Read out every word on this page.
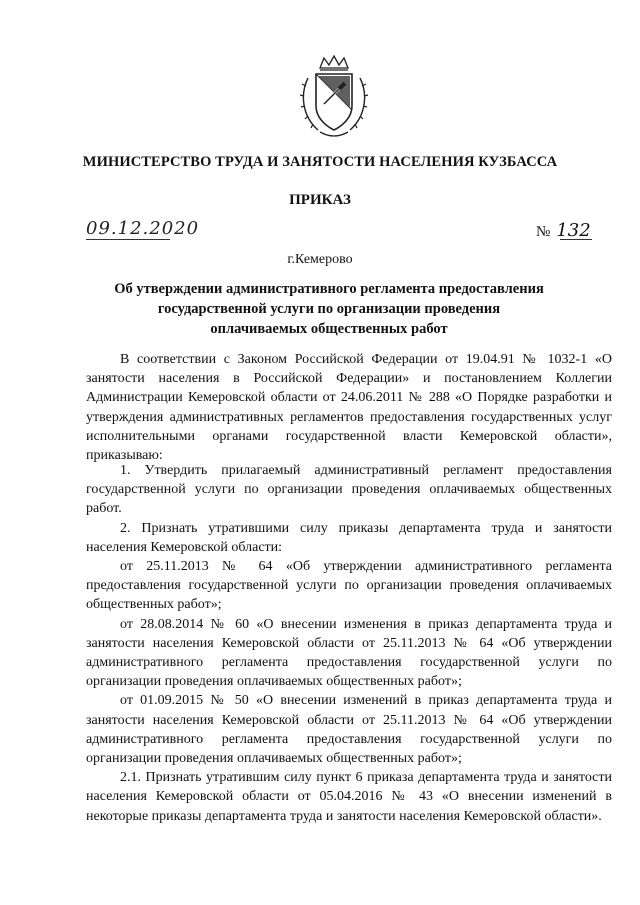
МИНИСТЕРСТВО ТРУДА И ЗАНЯТОСТИ НАСЕЛЕНИЯ КУЗБАССА
ПРИКАЗ
09.12.2020	№ 132
г.Кемерово
Об утверждении административного регламента предоставления государственной услуги по организации проведения оплачиваемых общественных работ

В соответствии с Законом Российской Федерации от 19.04.91 № 1032-1 «О занятости населения в Российской Федерации» и постановлением Коллегии Администрации Кемеровской области от 24.06.2011 № 288 «О Порядке разработки и утверждения административных регламентов предоставления государственных услуг исполнительными органами государственной власти Кемеровской области», приказываю:

1. Утвердить прилагаемый административный регламент предоставления государственной услуги по организации проведения оплачиваемых общественных работ.

2. Признать утратившими силу приказы департамента труда и занятости населения Кемеровской области:

от 25.11.2013 № 64 «Об утверждении административного регламента предоставления государственной услуги по организации проведения оплачиваемых общественных работ»;

от 28.08.2014 № 60 «О внесении изменения в приказ департамента труда и занятости населения Кемеровской области от 25.11.2013 № 64 «Об утверждении административного регламента предоставления государственной услуги по организации проведения оплачиваемых общественных работ»;

от 01.09.2015 № 50 «О внесении изменений в приказ департамента труда и занятости населения Кемеровской области от 25.11.2013 № 64 «Об утверждении административного регламента предоставления государственной услуги по организации проведения оплачиваемых общественных работ»;

2.1. Признать утратившим силу пункт 6 приказа департамента труда и занятости населения Кемеровской области от 05.04.2016 № 43 «О внесении изменений в некоторые приказы департамента труда и занятости населения Кемеровской области».
